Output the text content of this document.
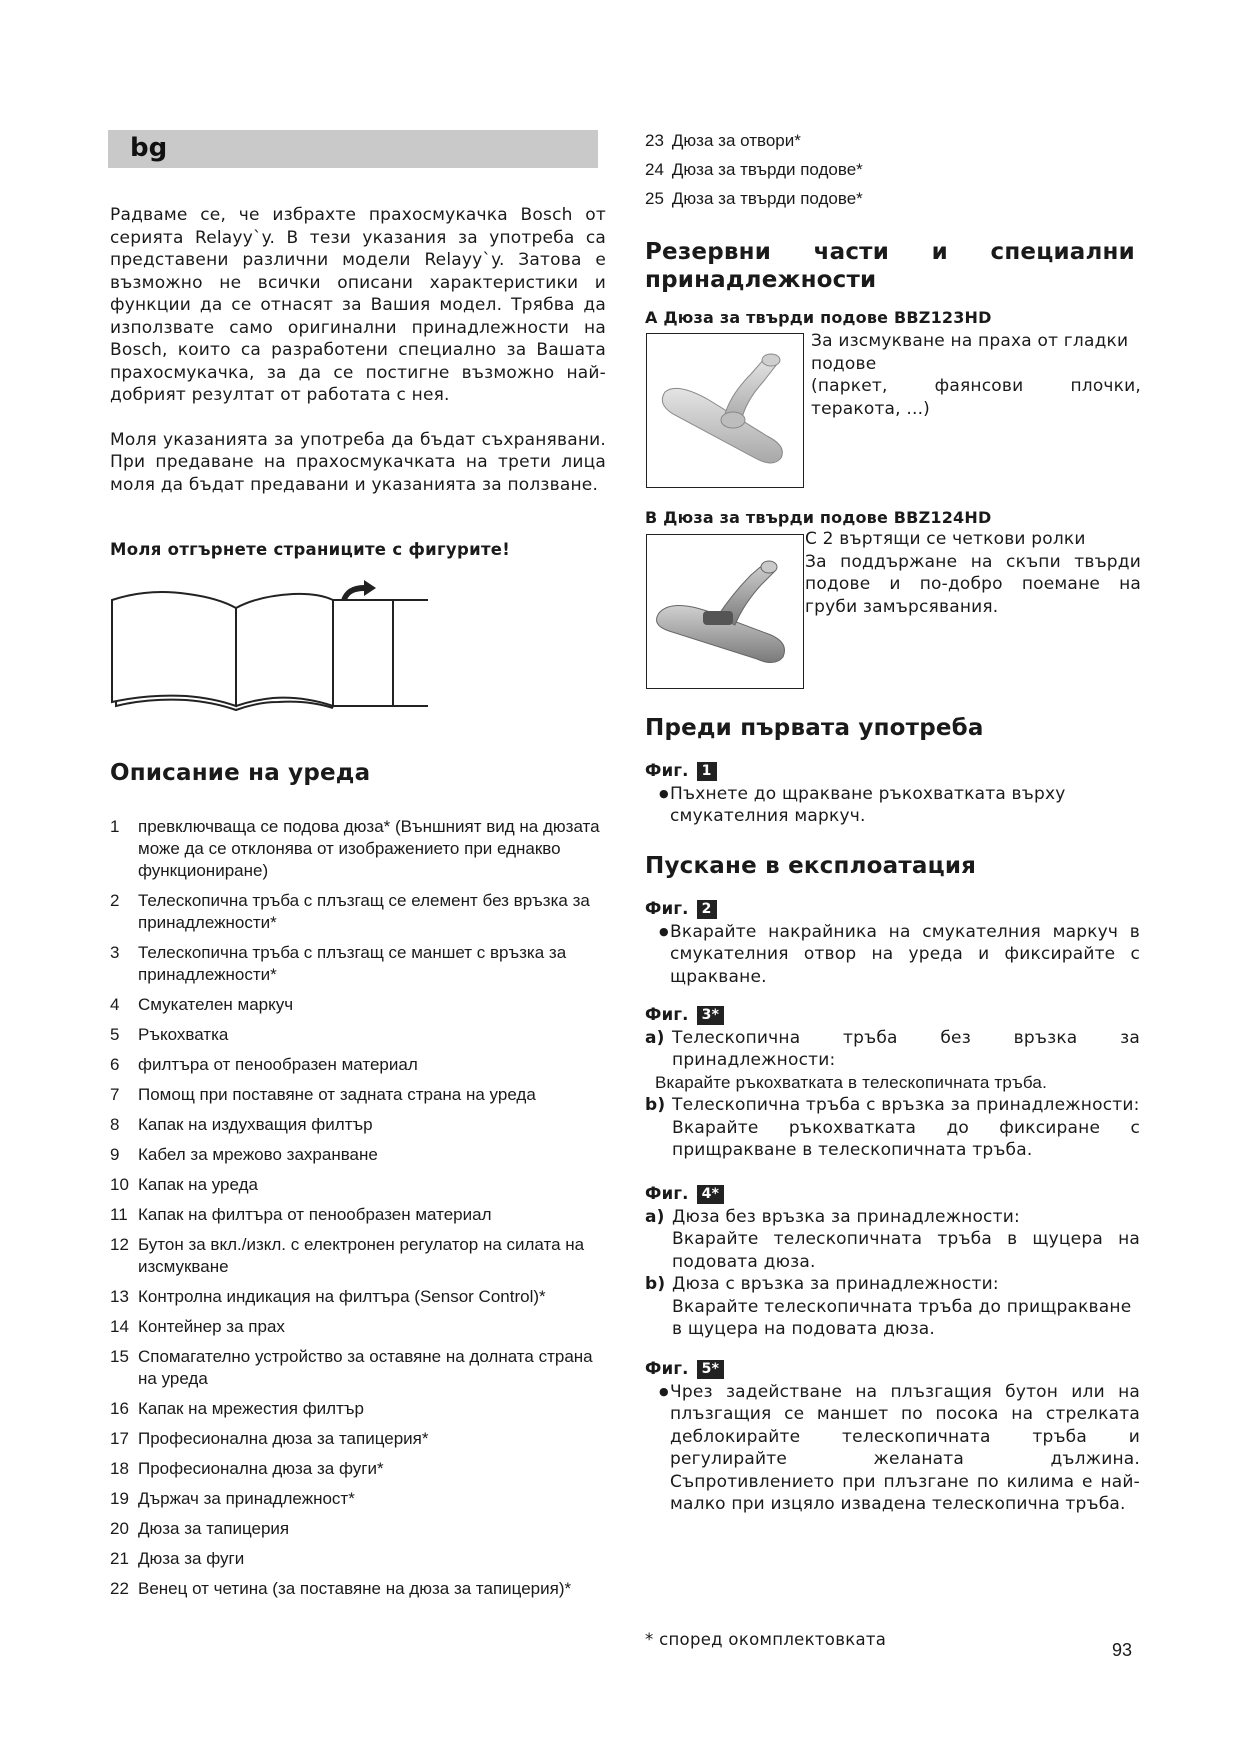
bg

Радваме се, че избрахте прахосмукачка Bosch от серията Relayy`y. В тези указания за употреба са представени различни модели Relayy`y. Затова е възможно не всички описани характеристики и функции да се отнасят за Вашия модел. Трябва да използвате само оригинални принадлежности на Bosch, които са разработени специално за Вашата прахосмукачка, за да се постигне възможно най-добрият резултат от работата с нея.

Моля указанията за употреба да бъдат съхранявани. При предаване на прахосмукачката на трети лица моля да бъдат предавани и указанията за ползване.

Моля отгърнете страниците с фигурите!
Описание на уреда
1	превключваща се подова дюза* (Външният вид на дюзата може да се отклонява от изображението при еднакво функциониране)
2	Телескопична тръба с плъзгащ се елемент без връзка за принадлежности*
3	Телескопична тръба с плъзгащ се маншет с връзка за принадлежности*
4	Смукателен маркуч
5	Ръкохватка
6	филтъра от пенообразен материал
7	Помощ при поставяне от задната страна на уреда
8	Капак на издухващия филтър
9	Кабел за мрежово захранване
10 Капак на уреда
11 Капак на филтъра от пенообразен материал
12 Бутон за вкл./изкл. с електронен регулатор на силата на изсмукване
13 Контролна индикация на филтъра (Sensor Control)*
14 Контейнер за прах
15 Спомагателно устройство за оставяне на долната страна на уреда
16 Капак на мрежестия филтър
17 Професионална дюза за тапицерия*
18 Професионална дюза за фуги*
19 Държач за принадлежност*
20 Дюза за тапицерия
21 Дюза за фуги
22 Венец от четина (за поставяне на дюза за тапицерия)*
23 Дюза за отвори*
24 Дюза за твърди подове*
25 Дюза за твърди подове*
Резервни части и специални
принадлежности
A Дюза за твърди подове BBZ123HD
За изсмукване на праха от гладки
подове
(паркет,	фаянсови	плочки,
теракота, ...)
B Дюза за твърди подове BBZ124HD
С 2 въртящи се четкови ролки
За поддържане на скъпи твърди подове и по-добро поемане на груби замърсявания.
Преди първата употреба
Фиг. 1
● Пъхнете до щракване ръкохватката върху смукателния маркуч.
Пускане в експлоатация
Фиг. 2
● Вкарайте накрайника на смукателния маркуч в смукателния отвор на уреда и фиксирайте с щракване.
Фиг. 3*
a) Телескопична тръба без връзка за принадлежности:
Вкарайте ръкохватката в телескопичната тръба.
b) Телескопична тръба с връзка за принадлежности:
Вкарайте ръкохватката до фиксиране с прищракване в телескопичната тръба.
Фиг. 4*
a) Дюза без връзка за принадлежности:
Вкарайте телескопичната тръба в щуцера на подовата дюза.
b) Дюза с връзка за принадлежности:
Вкарайте телескопичната тръба до прищракване в щуцера на подовата дюза.
Фиг. 5*
● Чрез задействане на плъзгащия бутон или на плъзгащия се маншет по посока на стрелката деблокирайте телескопичната тръба и регулирайте желаната дължина. Съпротивлението при плъзгане по килима е най-малко при изцяло извадена телескопична тръба.
* според окомплектовката
93
